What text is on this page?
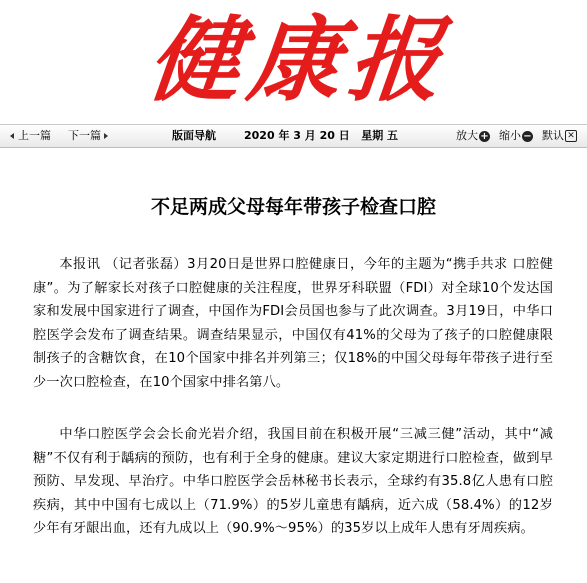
健
康
报
上一篇 下一篇	版面导航	2020 年 3 月 20 日   星期 五	放大 + 缩小 − 默认 ✕
不足两成父母每年带孩子检查口腔

本报讯 （记者张磊）3月20日是世界口腔健康日，今年的主题为“携手共求 口腔健康”。为了解家长对孩子口腔健康的关注程度，世界牙科联盟（FDI）对全球10个发达国家和发展中国家进行了调查，中国作为FDI会员国也参与了此次调查。3月19日，中华口腔医学会发布了调查结果。调查结果显示，中国仅有41%的父母为了孩子的口腔健康限制孩子的含糖饮食，在10个国家中排名并列第三；仅18%的中国父母每年带孩子进行至少一次口腔检查，在10个国家中排名第八。

中华口腔医学会会长俞光岩介绍，我国目前在积极开展“三减三健”活动，其中“减糖”不仅有利于龋病的预防，也有利于全身的健康。建议大家定期进行口腔检查，做到早预防、早发现、早治疗。中华口腔医学会岳林秘书长表示，全球约有35.8亿人患有口腔疾病，其中中国有七成以上（71.9%）的5岁儿童患有龋病，近六成（58.4%）的12岁少年有牙龈出血，还有九成以上（90.9%～95%）的35岁以上成年人患有牙周疾病。
